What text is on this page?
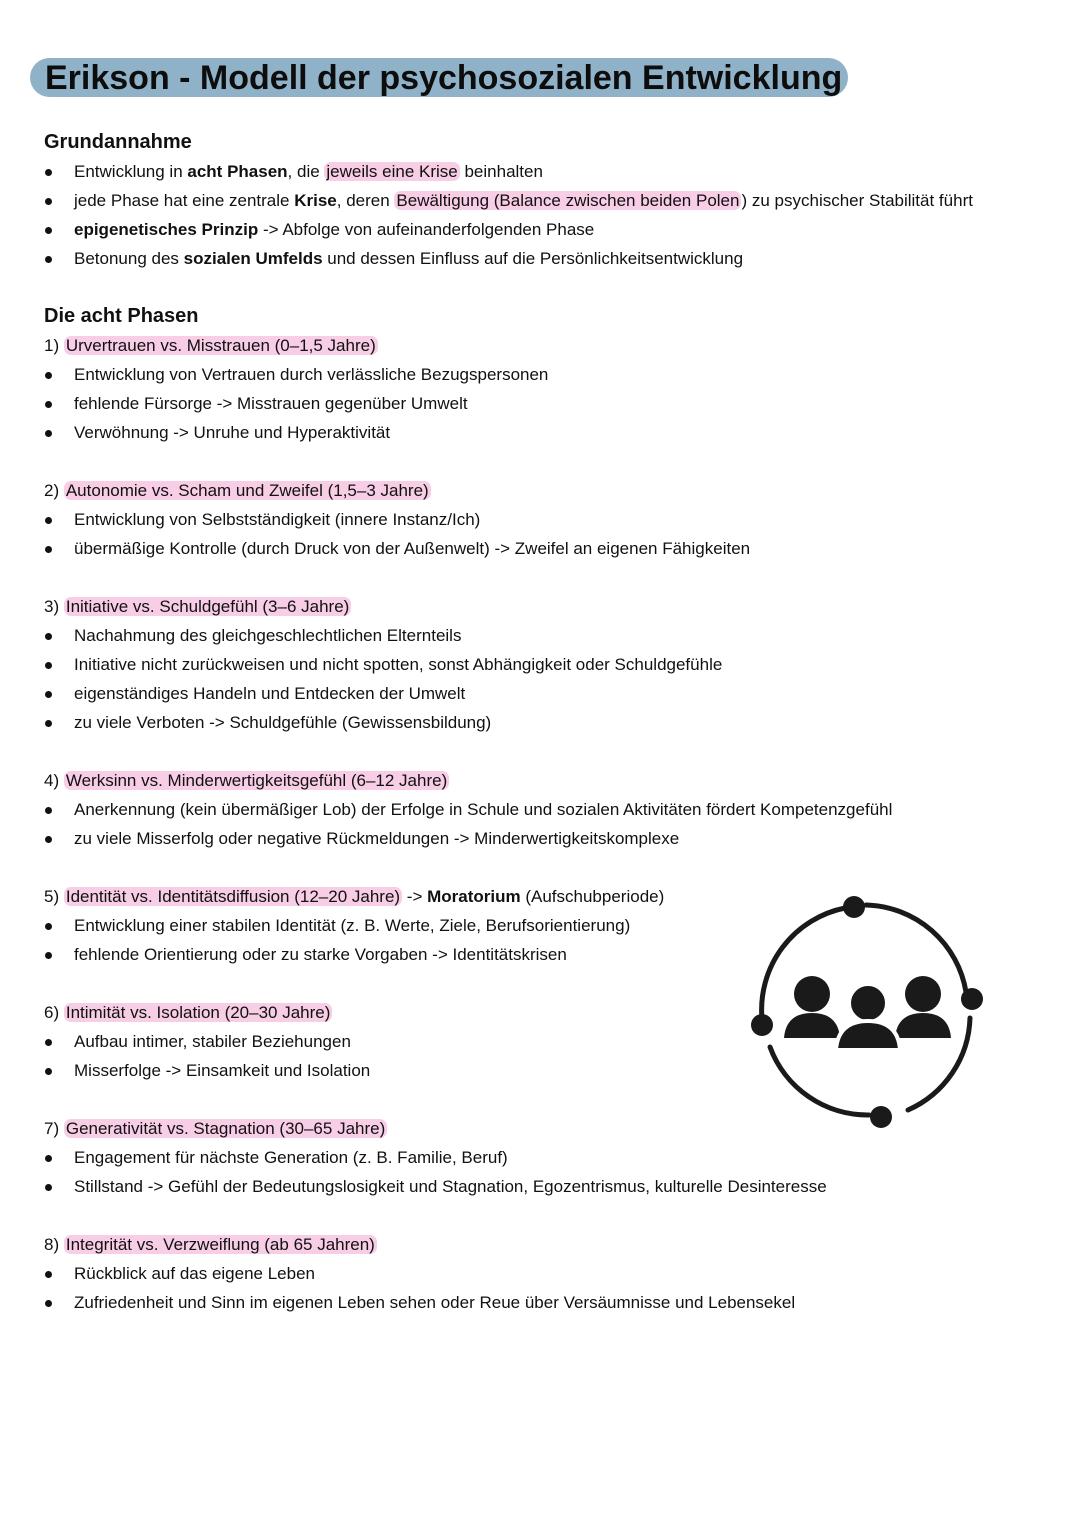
Erikson - Modell der psychosozialen Entwicklung
Grundannahme
Entwicklung in acht Phasen, die jeweils eine Krise beinhalten
jede Phase hat eine zentrale Krise, deren Bewältigung (Balance zwischen beiden Polen ) zu psychischer Stabilität führt
epigenetisches Prinzip -> Abfolge von aufeinanderfolgenden Phase
Betonung des sozialen Umfelds und dessen Einfluss auf die Persönlichkeitsentwicklung
Die acht Phasen
1) Urvertrauen vs. Misstrauen (0–1,5 Jahre)
Entwicklung von Vertrauen durch verlässliche Bezugspersonen
fehlende Fürsorge -> Misstrauen gegenüber Umwelt
Verwöhnung -> Unruhe und Hyperaktivität
2) Autonomie vs. Scham und Zweifel (1,5–3 Jahre)
Entwicklung von Selbstständigkeit (innere Instanz/Ich)
übermäßige Kontrolle (durch Druck von der Außenwelt) -> Zweifel an eigenen Fähigkeiten
3) Initiative vs. Schuldgefühl (3–6 Jahre)
Nachahmung des gleichgeschlechtlichen Elternteils
Initiative nicht zurückweisen und nicht spotten, sonst Abhängigkeit oder Schuldgefühle
eigenständiges Handeln und Entdecken der Umwelt
zu viele Verboten -> Schuldgefühle (Gewissensbildung)
4) Werksinn vs. Minderwertigkeitsgefühl (6–12 Jahre)
Anerkennung (kein übermäßiger Lob) der Erfolge in Schule und sozialen Aktivitäten fördert Kompetenzgefühl
zu viele Misserfolg oder negative Rückmeldungen -> Minderwertigkeitskomplexe
5) Identität vs. Identitätsdiffusion (12–20 Jahre) -> Moratorium (Aufschubperiode)
Entwicklung einer stabilen Identität (z. B. Werte, Ziele, Berufsorientierung)
fehlende Orientierung oder zu starke Vorgaben -> Identitätskrisen
6) Intimität vs. Isolation (20–30 Jahre)
Aufbau intimer, stabiler Beziehungen
Misserfolge -> Einsamkeit und Isolation
7) Generativität vs. Stagnation (30–65 Jahre)
Engagement für nächste Generation (z. B. Familie, Beruf)
Stillstand -> Gefühl der Bedeutungslosigkeit und Stagnation, Egozentrismus, kulturelle Desinteresse
8) Integrität vs. Verzweiflung (ab 65 Jahren)
Rückblick auf das eigene Leben
Zufriedenheit und Sinn im eigenen Leben sehen oder Reue über Versäumnisse und Lebensekel
